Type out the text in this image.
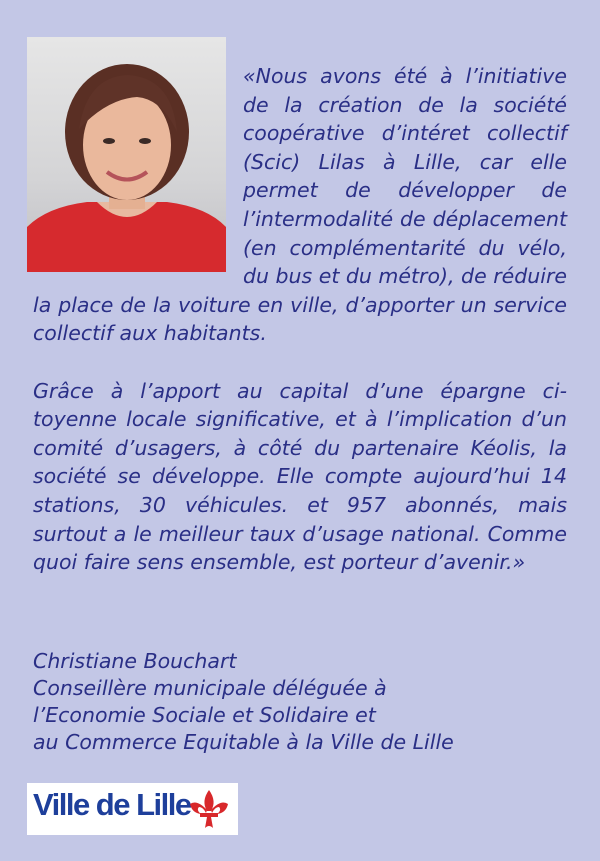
«Nous avons été à l’initiative de la création de la société coopérative d’intéret collectif (Scic) Lilas à Lille, car elle permet de développer de l’intermodalité de déplacement (en complémentarité du vélo, du bus et du métro), de réduire la place de la voiture en ville, d’apporter un service collectif aux habitants.

Grâce à l’apport au capital d’une épargne citoyenne locale significative, et à l’implication d’un comité d’usagers, à côté du partenaire Kéolis, la société se développe. Elle compte aujourd’hui 14 stations, 30 véhicules. et 957 abonnés, mais surtout a le meilleur taux d’usage national. Comme quoi faire sens ensemble, est porteur d’avenir.»

Christiane Bouchart
Conseillère municipale déléguée à
l’Economie Sociale et Solidaire et
au Commerce Equitable à la Ville de Lille
Ville de Lille
